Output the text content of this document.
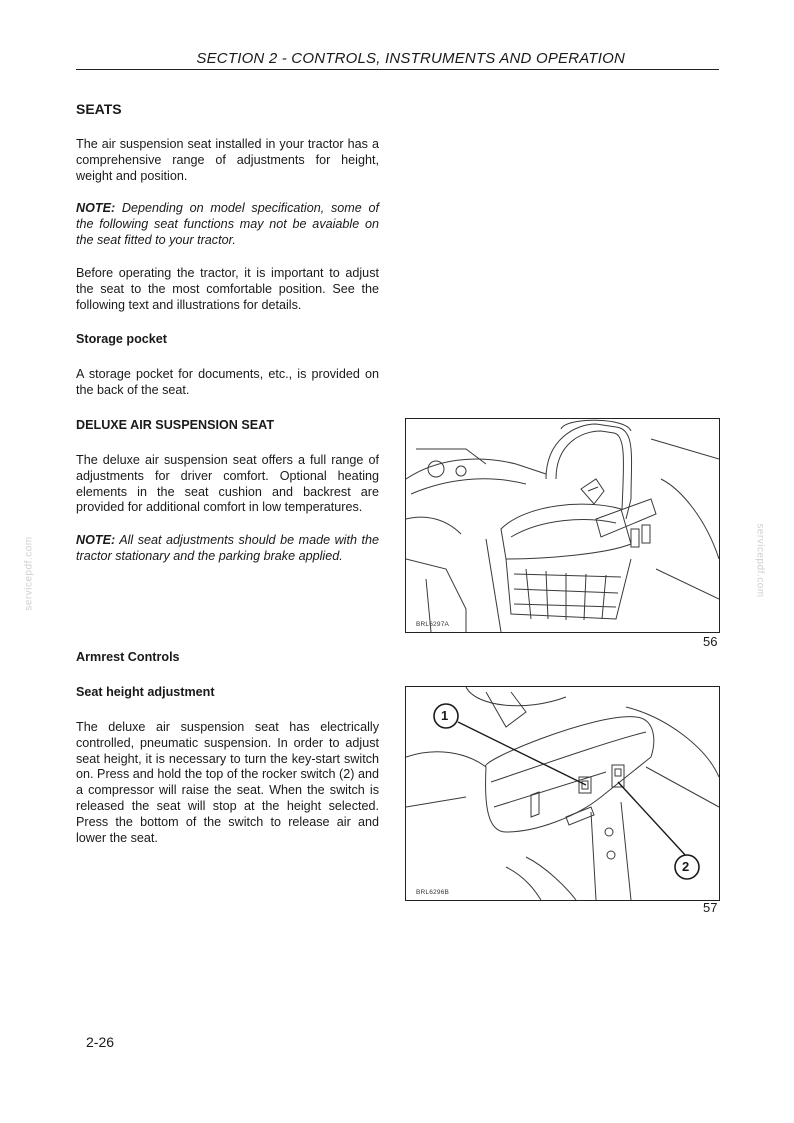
SECTION 2 - CONTROLS, INSTRUMENTS AND OPERATION
servicepdf.com	servicepdf.com
SEATS

The air suspension seat installed in your tractor has a comprehensive range of adjustments for height, weight and position.

NOTE: Depending on model specification, some of the following seat functions may not be avaiable on the seat fitted to your tractor.

Before operating the tractor, it is important to adjust the seat to the most comfortable position. See the following text and illustrations for details.

Storage pocket

A storage pocket for documents, etc., is provided on the back of the seat.

DELUXE AIR SUSPENSION SEAT

The deluxe air suspension seat offers a full range of adjustments for driver comfort. Optional heating elements in the seat cushion and backrest are provided for additional comfort in low temperatures.

NOTE: All seat adjustments should be made with the tractor stationary and the parking brake applied.

Armrest Controls
Seat height adjustment

The deluxe air suspension seat has electrically controlled, pneumatic suspension. In order to adjust seat height, it is necessary to turn the key-start switch on. Press and hold the top of the rocker switch (2) and a compressor will raise the seat. When the switch is released the seat will stop at the height selected. Press the bottom of the switch to release air and lower the seat.

BRL6297A
56
1
2
BRL6296B
57
2-26
